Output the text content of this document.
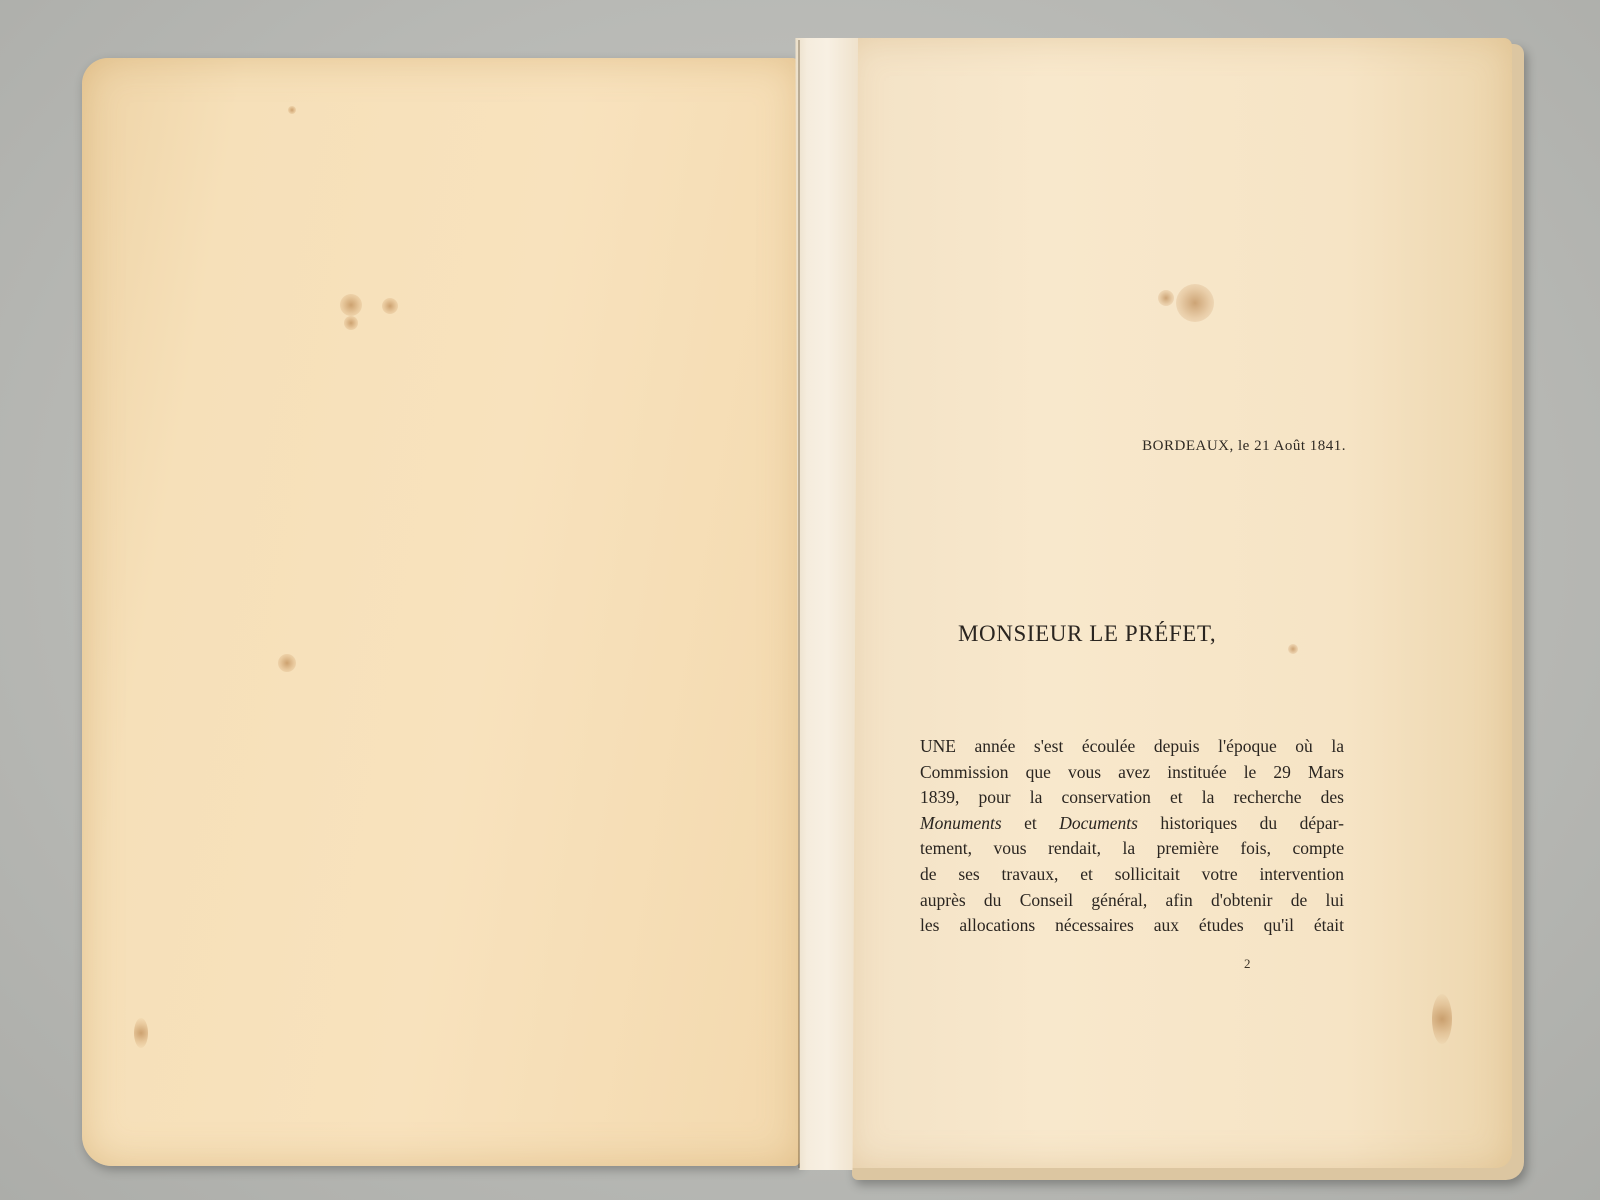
BORDEAUX, le 21 Août 1841.
MONSIEUR LE PRÉFET,

UNE année s'est écoulée depuis l'époque où la

Commission que vous avez instituée le 29 Mars

1839, pour la conservation et la recherche des

Monuments et Documents historiques du dépar-

tement, vous rendait, la première fois, compte

de ses travaux, et sollicitait votre intervention

auprès du Conseil général, afin d'obtenir de lui

les allocations nécessaires aux études qu'il était

2
